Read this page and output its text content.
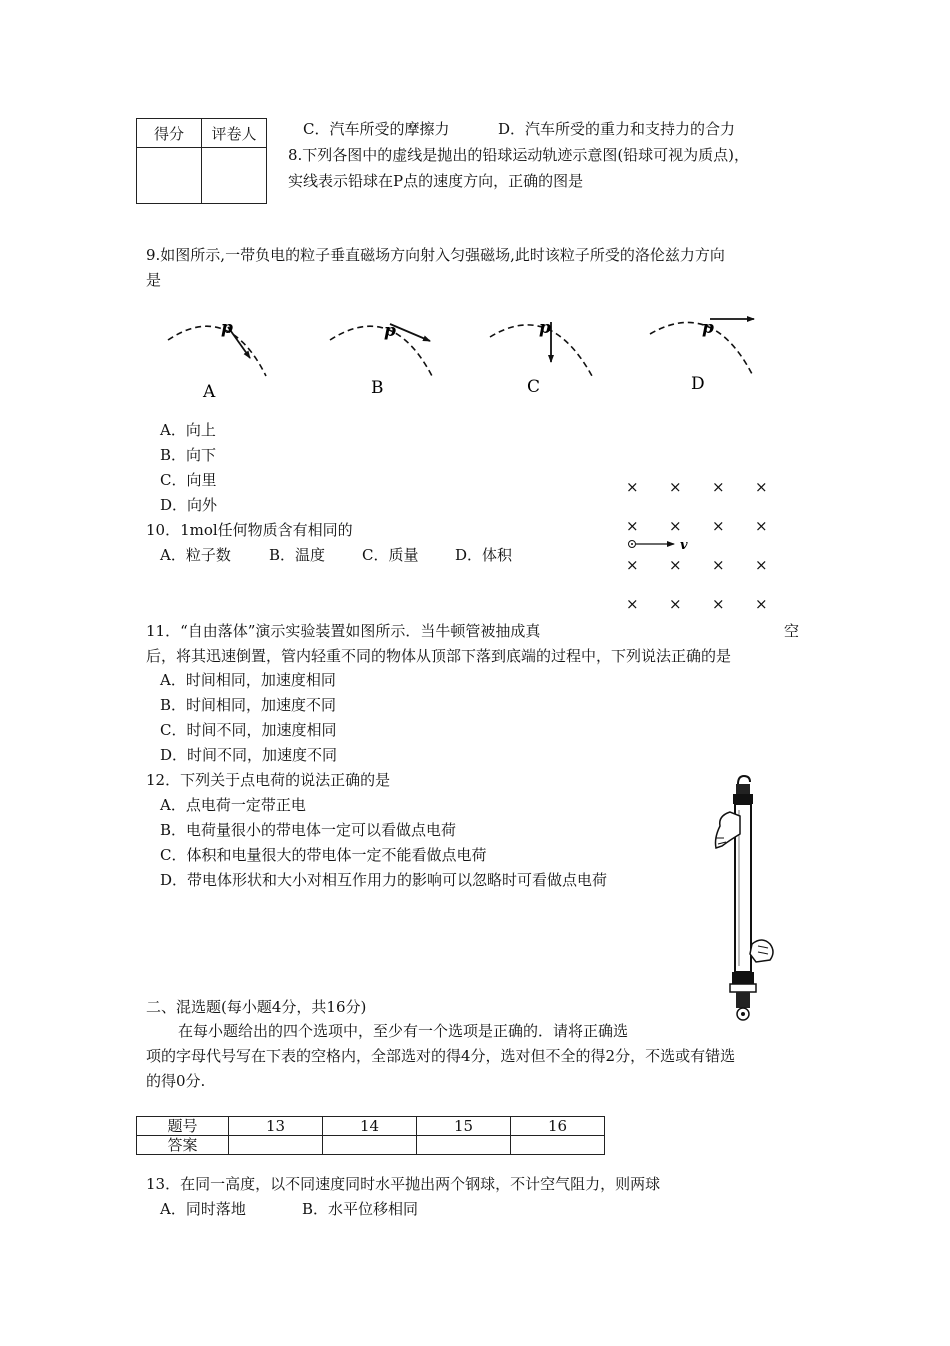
得分	评卷人
		C．汽车所受的摩擦力	D．汽车所受的重力和支持力的合力
8.下列各图中的虚线是抛出的铅球运动轨迹示意图(铅球可视为质点)，
实线表示铅球在P点的速度方向，正确的图是
9.如图所示,一带负电的粒子垂直磁场方向射入匀强磁场,此时该粒子所受的洛伦兹力方向
是
p
A
p
B
p
C
p
D
A．向上
B．向下
C．向里
D．向外
× × × ×
× × × ×
× × × ×
× × × ×
v
10．1mol任何物质含有相同的
A．粒子数	B．温度 C．质量 D．体积
11．“自由落体”演示实验装置如图所示．当牛顿管被抽成真	空
后，将其迅速倒置，管内轻重不同的物体从顶部下落到底端的过程中，下列说法正确的是
A．时间相同，加速度相同
B．时间相同，加速度不同
C．时间不同，加速度相同
D．时间不同，加速度不同
12．下列关于点电荷的说法正确的是
A．点电荷一定带正电
B．电荷量很小的带电体一定可以看做点电荷
C．体积和电量很大的带电体一定不能看做点电荷
D．带电体形状和大小对相互作用力的影响可以忽略时可看做点电荷
二、混选题(每小题4分，共16分)
在每小题给出的四个选项中，至少有一个选项是正确的．请将正确选
项的字母代号写在下表的空格内，全部选对的得4分，选对但不全的得2分，不选或有错选
的得0分.
题号	13	14	15	16
答案				
13．在同一高度，以不同速度同时水平抛出两个钢球，不计空气阻力，则两球
A．同时落地	B．水平位移相同
